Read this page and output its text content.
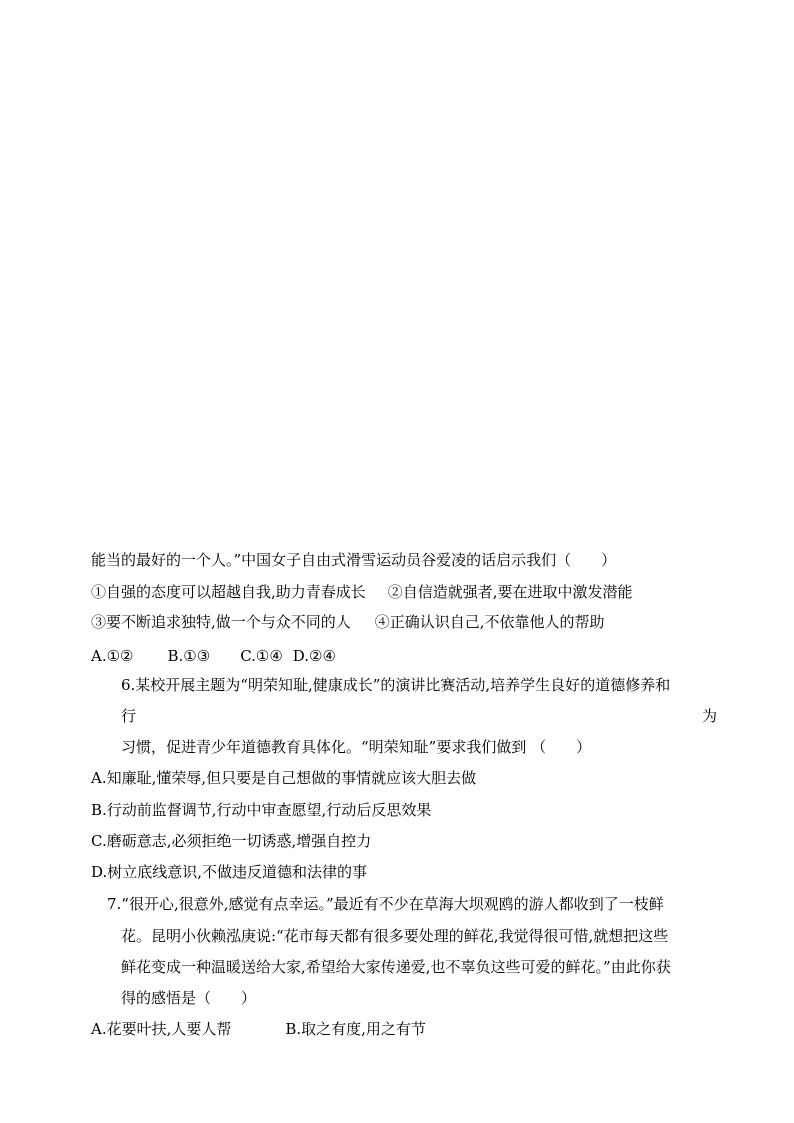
能当的最好的一个人。”中国女子自由式滑雪运动员谷爱凌的话启示我们（　　）
①自强的态度可以超越自我,助力青春成长 ②自信造就强者,要在进取中激发潜能
③要不断追求独特,做一个与众不同的人 ④正确认识自己,不依靠他人的帮助
A.①② B.①③ C.①④ D.②④
6.某校开展主题为“明荣知耻,健康成长”的演讲比赛活动,培养学生良好的道德修养和
行	为
习惯，促进青少年道德教育具体化。“明荣知耻”要求我们做到 （　　）
A.知廉耻,懂荣辱,但只要是自己想做的事情就应该大胆去做
B.行动前监督调节,行动中审查愿望,行动后反思效果
C.磨砺意志,必须拒绝一切诱惑,增强自控力
D.树立底线意识,不做违反道德和法律的事
7.“很开心,很意外,感觉有点幸运。”最近有不少在草海大坝观鸥的游人都收到了一枝鲜
花。昆明小伙赖泓庚说:“花市每天都有很多要处理的鲜花,我觉得很可惜,就想把这些
鲜花变成一种温暖送给大家,希望给大家传递爱,也不辜负这些可爱的鲜花。”由此你获
得的感悟是（　　）
A.花要叶扶,人要人帮	B.取之有度,用之有节
